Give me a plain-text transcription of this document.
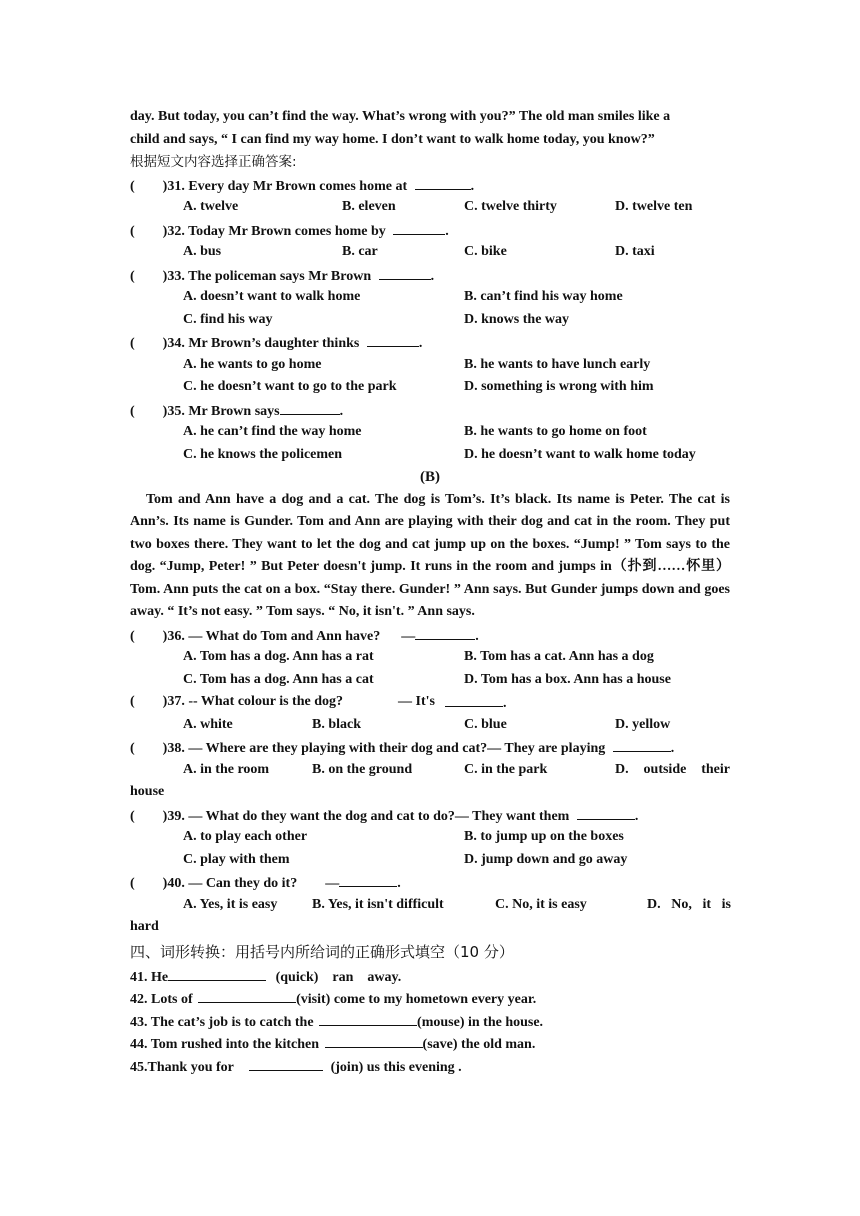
day. But today, you can’t find the way. What’s wrong with you?” The old man smiles like a
child and says, “ I can find my way home. I don’t want to walk home today, you know?”
根据短文内容选择正确答案:
(        )31. Every day Mr Brown comes home at	.
A. twelve	B. eleven	C. twelve thirty	D. twelve ten
(        )32. Today Mr Brown comes home by	.
A. bus	B. car	C. bike	D. taxi
(        )33. The policeman says Mr Brown	.
A. doesn’t want to walk home	B. can’t find his way home
C. find his way	D. knows the way
(        )34. Mr Brown’s daughter thinks	.
A. he wants to go home	B. he wants to have lunch early
C. he doesn’t want to go to the park	D. something is wrong with him
(        )35. Mr Brown says	.
A. he can’t find the way home	B. he wants to go home on foot
C. he knows the policemen	D. he doesn’t want to walk home today
(B)
Tom and Ann have a dog and a cat. The dog is Tom’s. It’s black. Its name is Peter. The cat is Ann’s. Its name is Gunder. Tom and Ann are playing with their dog and cat in the room. They put two boxes there. They want to let the dog and cat jump up on the boxes. “Jump! ” Tom says to the dog. “Jump, Peter! ” But Peter doesn't jump. It runs in the room and jumps in（扑到……怀里）Tom. Ann puts the cat on a box. “Stay there. Gunder! ” Ann says. But Gunder jumps down and goes away. “ It’s not easy. ” Tom says. “ No, it isn't. ” Ann says.
(        )36. — What do Tom and Ann have?      —	.
A. Tom has a dog. Ann has a rat	B. Tom has a cat. Ann has a dog
C. Tom has a dog. Ann has a cat	D. Tom has a box. Ann has a house
(        )37. -- What colour is the dog?	— It's	.
A. white	B. black	C. blue	D. yellow
(        )38. — Where are they playing with their dog and cat?— They are playing	.
A. in the room	B. on the ground	C. in the park	D. outside their
house
(        )39. — What do they want the dog and cat to do?— They want them	.
A. to play each other	B. to jump up on the boxes
C. play with them	D. jump down and go away
(        )40. — Can they do it?        —	.
A. Yes, it is easy B. Yes, it isn't difficult	C. No, it is easy	D. No, it is
hard
四、词形转换：用括号内所给词的正确形式填空（10 分）
41. He	(quick)    ran    away.
42. Lots of	(visit) come to my hometown every year.
43. The cat’s job is to catch the	(mouse) in the house.
44. Tom rushed into the kitchen	(save) the old man.
45.Thank you for	(join) us this evening .
